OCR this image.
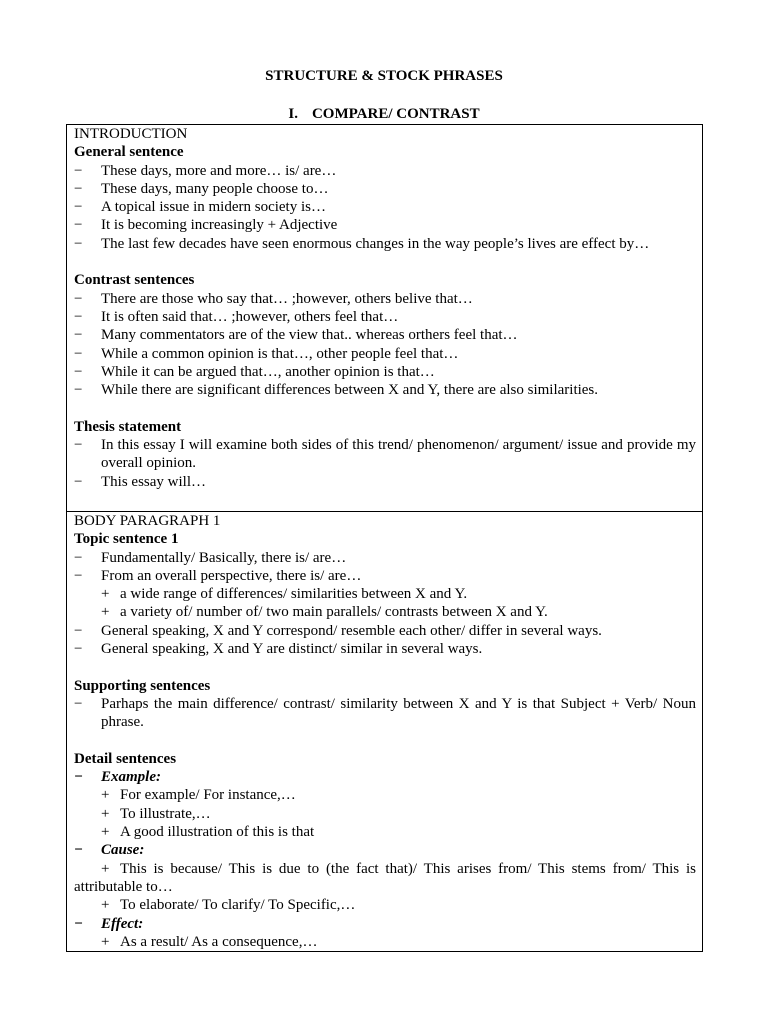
STRUCTURE & STOCK PHRASES
I. COMPARE/ CONTRAST
INTRODUCTION
General sentence
− These days, more and more… is/ are…
− These days, many people choose to…
− A topical issue in midern society is…
− It is becoming increasingly + Adjective
− The last few decades have seen enormous changes in the way people’s lives are effect by…
Contrast sentences
− There are those who say that… ;however, others belive that…
− It is often said that… ;however, others feel that…
− Many commentators are of the view that.. whereas orthers feel that…
− While a common opinion is that…, other people feel that…
− While it can be argued that…, another opinion is that…
− While there are significant differences between X and Y, there are also similarities.
Thesis statement
− In this essay I will examine both sides of this trend/ phenomenon/ argument/ issue and provide my overall opinion.
− This essay will…
BODY PARAGRAPH 1
Topic sentence 1
− Fundamentally/ Basically, there is/ are…
− From an overall perspective, there is/ are…
+ a wide range of differences/ similarities between X and Y.
+ a variety of/ number of/ two main parallels/ contrasts between X and Y.
− General speaking, X and Y correspond/ resemble each other/ differ in several ways.
− General speaking, X and Y are distinct/ similar in several ways.
Supporting sentences
− Parhaps the main difference/ contrast/ similarity between X and Y is that Subject + Verb/ Noun phrase.
Detail sentences
− Example:
+ For example/ For instance,…
+ To illustrate,…
+ A good illustration of this is that
− Cause:
+ This is because/ This is due to (the fact that)/ This arises from/ This stems from/ This is attributable to…
+ To elaborate/ To clarify/ To Specific,…
− Effect:
+ As a result/ As a consequence,…
